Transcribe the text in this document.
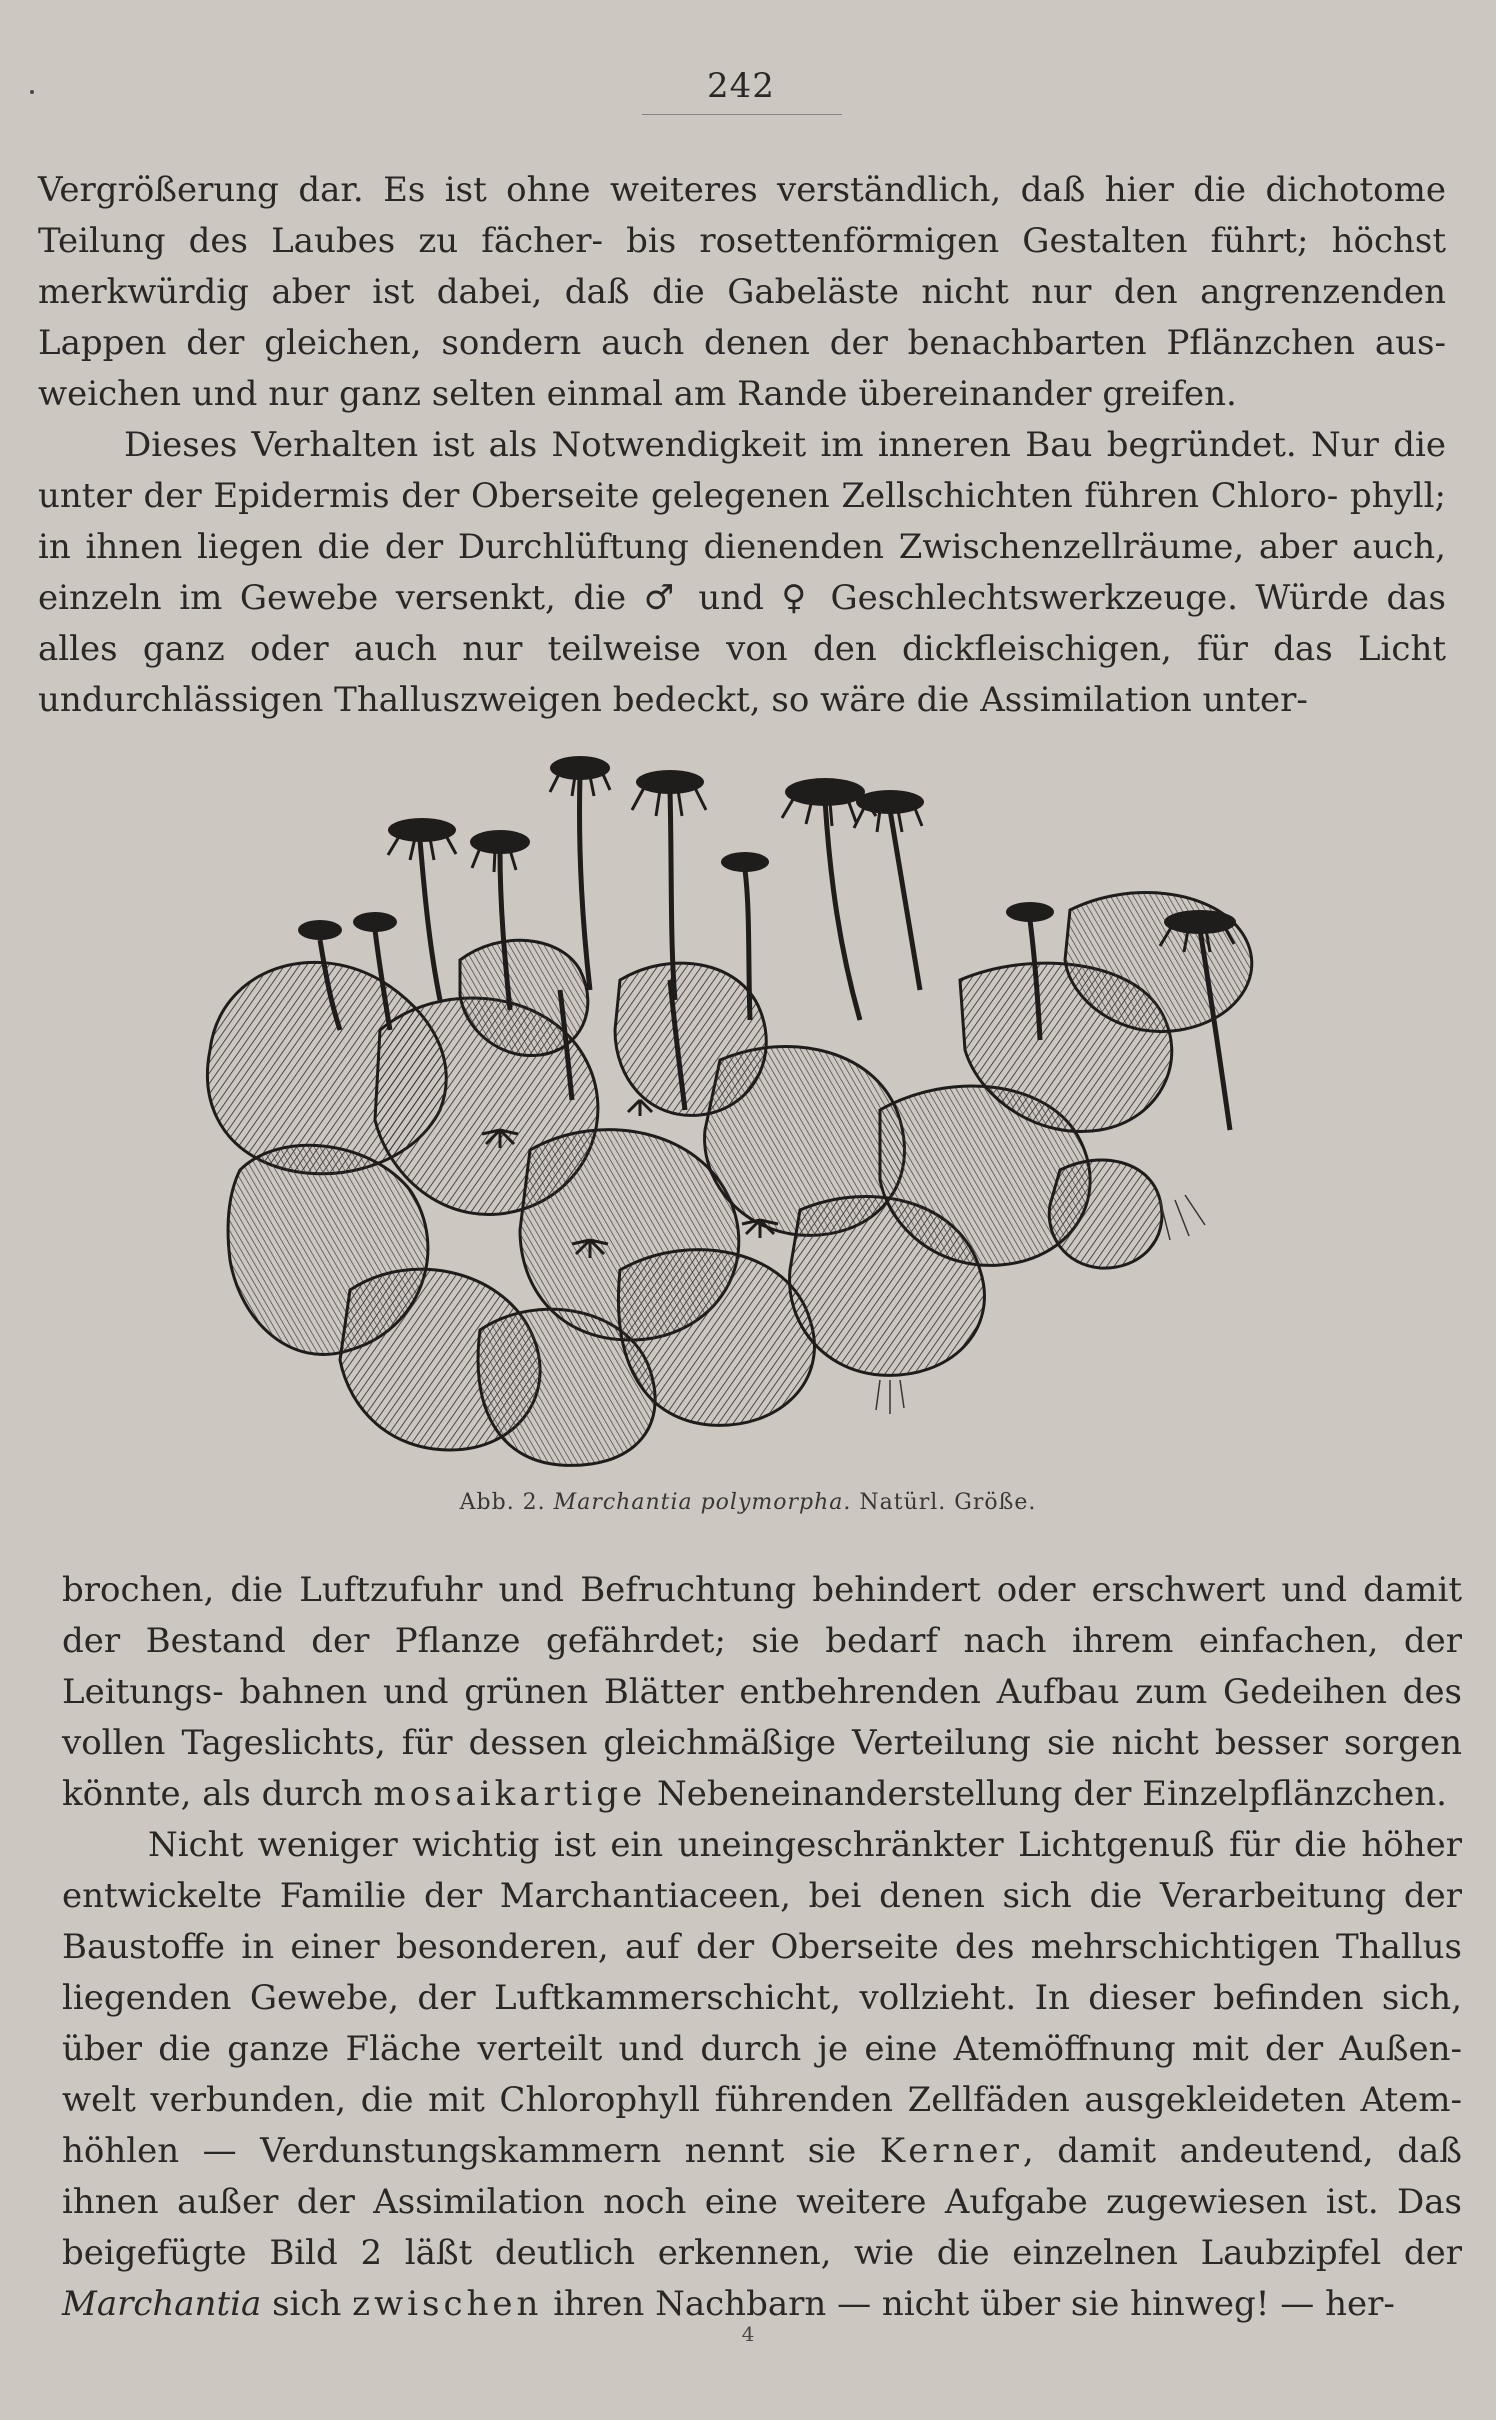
242

Vergrößerung dar. Es ist ohne weiteres verständlich, daß hier die dichotome Teilung des Laubes zu fächer- bis rosettenförmigen Gestalten führt; höchst merkwürdig aber ist dabei, daß die Gabeläste nicht nur den angrenzenden Lappen der gleichen, sondern auch denen der benachbarten Pflänzchen aus- weichen und nur ganz selten einmal am Rande übereinander greifen.

Dieses Verhalten ist als Notwendigkeit im inneren Bau begründet. Nur die unter der Epidermis der Oberseite gelegenen Zellschichten führen Chloro- phyll; in ihnen liegen die der Durchlüftung dienenden Zwischenzellräume, aber auch, einzeln im Gewebe versenkt, die ♂ und ♀ Geschlechtswerkzeuge. Würde das alles ganz oder auch nur teilweise von den dickfleischigen, für das Licht undurchlässigen Thalluszweigen bedeckt, so wäre die Assimilation unter-

Abb. 2. Marchantia polymorpha. Natürl. Größe.

brochen, die Luftzufuhr und Befruchtung behindert oder erschwert und damit der Bestand der Pflanze gefährdet; sie bedarf nach ihrem einfachen, der Leitungs- bahnen und grünen Blätter entbehrenden Aufbau zum Gedeihen des vollen Tageslichts, für dessen gleichmäßige Verteilung sie nicht besser sorgen könnte, als durch mosaikartige Nebeneinanderstellung der Einzelpflänzchen.

Nicht weniger wichtig ist ein uneingeschränkter Lichtgenuß für die höher entwickelte Familie der Marchantiaceen, bei denen sich die Verarbeitung der Baustoffe in einer besonderen, auf der Oberseite des mehrschichtigen Thallus liegenden Gewebe, der Luftkammerschicht, vollzieht. In dieser befinden sich, über die ganze Fläche verteilt und durch je eine Atemöffnung mit der Außen- welt verbunden, die mit Chlorophyll führenden Zellfäden ausgekleideten Atem- höhlen — Verdunstungskammern nennt sie Kerner, damit andeutend, daß ihnen außer der Assimilation noch eine weitere Aufgabe zugewiesen ist. Das beigefügte Bild 2 läßt deutlich erkennen, wie die einzelnen Laubzipfel der Marchantia sich zwischen ihren Nachbarn — nicht über sie hinweg! — her-

4
